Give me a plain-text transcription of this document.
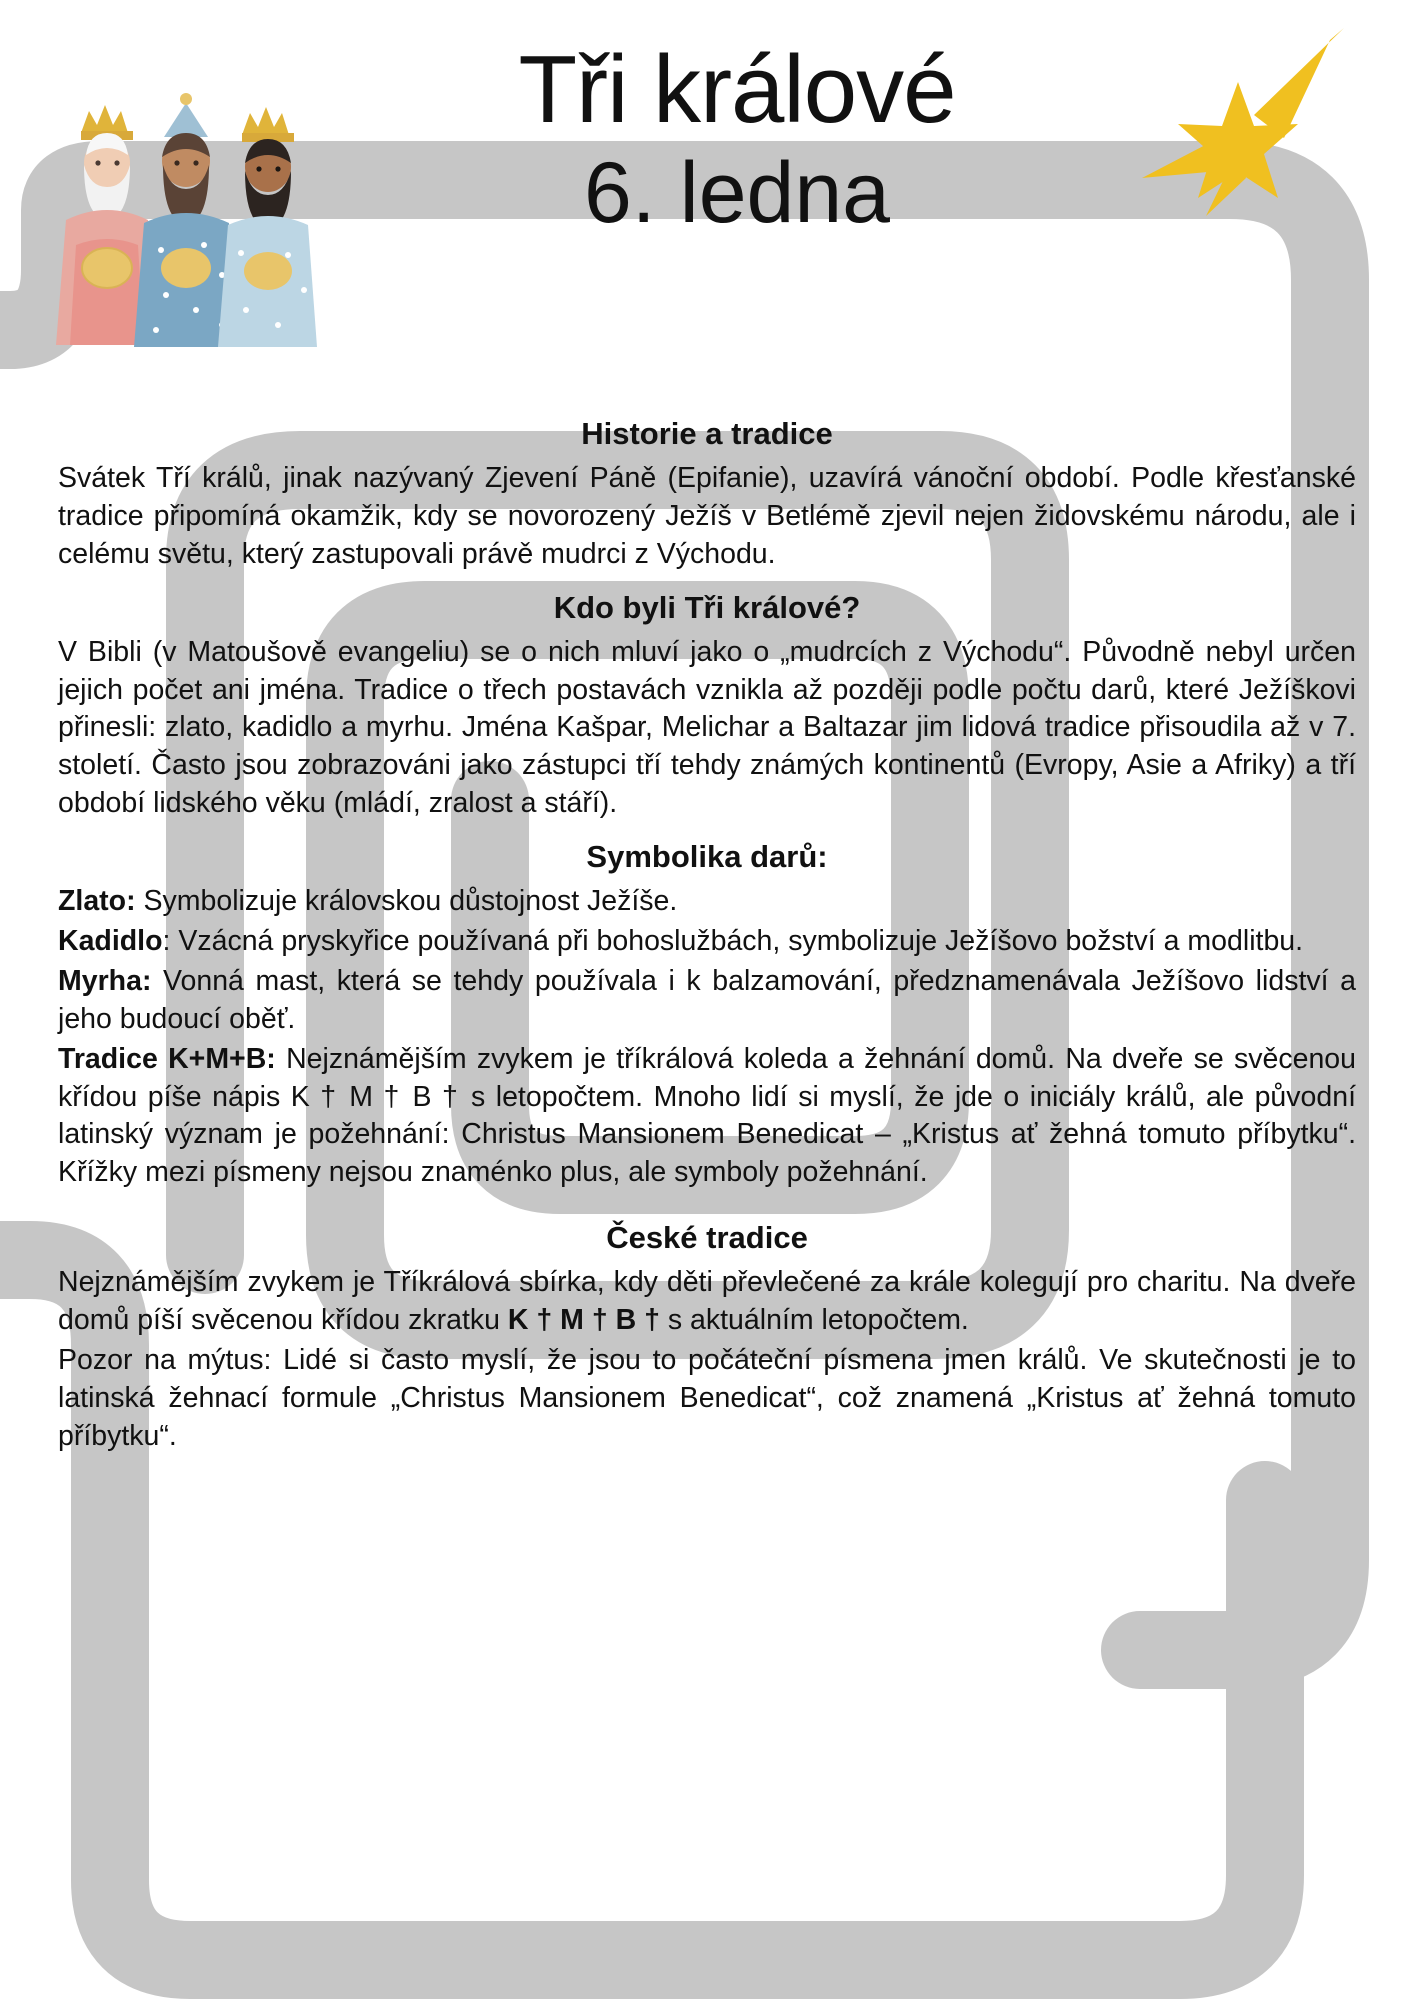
Tři králové
6. ledna
Historie a tradice

Svátek Tří králů, jinak nazývaný Zjevení Páně (Epifanie), uzavírá vánoční období. Podle křesťanské tradice připomíná okamžik, kdy se novorozený Ježíš v Betlémě zjevil nejen židovskému národu, ale i celému světu, který zastupovali právě mudrci z Východu.

Kdo byli Tři králové?

V Bibli (v Matoušově evangeliu) se o nich mluví jako o „mudrcích z Východu“. Původně nebyl určen jejich počet ani jména. Tradice o třech postavách vznikla až později podle počtu darů, které Ježíškovi přinesli: zlato, kadidlo a myrhu. Jména Kašpar, Melichar a Baltazar jim lidová tradice přisoudila až v 7. století. Často jsou zobrazováni jako zástupci tří tehdy známých kontinentů (Evropy, Asie a Afriky) a tří období lidského věku (mládí, zralost a stáří).

Symbolika darů:

Zlato: Symbolizuje královskou důstojnost Ježíše.

Kadidlo: Vzácná pryskyřice používaná při bohoslužbách, symbolizuje Ježíšovo božství a modlitbu.

Myrha: Vonná mast, která se tehdy používala i k balzamování, předznamenávala Ježíšovo lidství a jeho budoucí oběť.

Tradice K+M+B: Nejznámějším zvykem je tříkrálová koleda a žehnání domů. Na dveře se svěcenou křídou píše nápis K † M † B † s letopočtem. Mnoho lidí si myslí, že jde o iniciály králů, ale původní latinský význam je požehnání: Christus Mansionem Benedicat – „Kristus ať žehná tomuto příbytku“. Křížky mezi písmeny nejsou znaménko plus, ale symboly požehnání.

České tradice

Nejznámějším zvykem je Tříkrálová sbírka, kdy děti převlečené za krále kolegují pro charitu. Na dveře domů píší svěcenou křídou zkratku K † M † B † s aktuálním letopočtem.

Pozor na mýtus: Lidé si často myslí, že jsou to počáteční písmena jmen králů. Ve skutečnosti je to latinská žehnací formule „Christus Mansionem Benedicat“, což znamená „Kristus ať žehná tomuto příbytku“.
